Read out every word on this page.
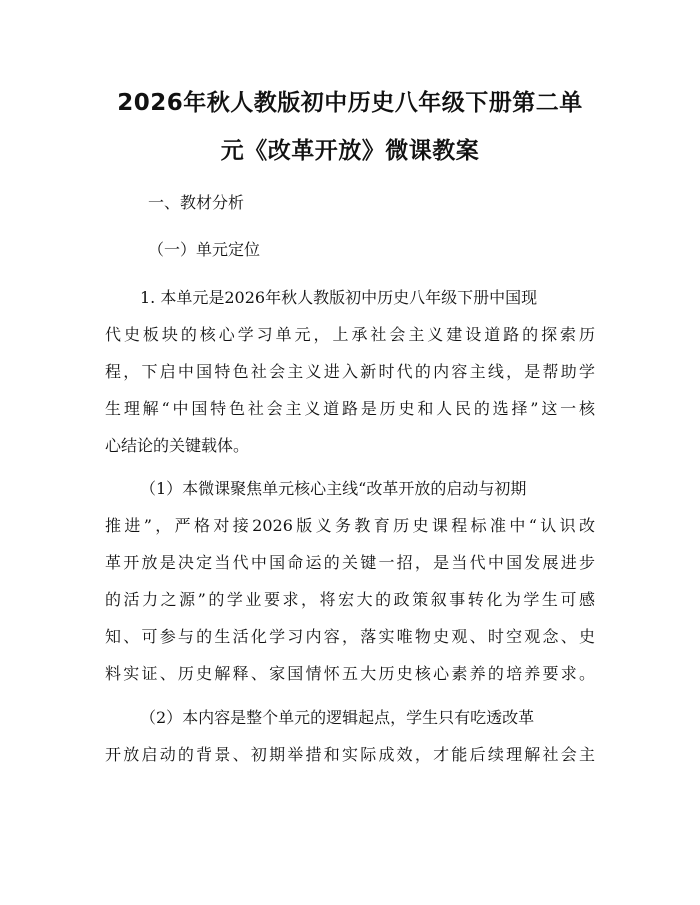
2026年秋人教版初中历史八年级下册第二单
元《改革开放》微课教案
一、教材分析
（一）单元定位
1. 本单元是2026年秋人教版初中历史八年级下册中国现
代史板块的核心学习单元，上承社会主义建设道路的探索历
程，下启中国特色社会主义进入新时代的内容主线，是帮助学
生理解“中国特色社会主义道路是历史和人民的选择”这一核
心结论的关键载体。
（1）本微课聚焦单元核心主线“改革开放的启动与初期
推进”，严格对接2026版义务教育历史课程标准中“认识改
革开放是决定当代中国命运的关键一招，是当代中国发展进步
的活力之源”的学业要求，将宏大的政策叙事转化为学生可感
知、可参与的生活化学习内容，落实唯物史观、时空观念、史
料实证、历史解释、家国情怀五大历史核心素养的培养要求。
（2）本内容是整个单元的逻辑起点，学生只有吃透改革
开放启动的背景、初期举措和实际成效，才能后续理解社会主
